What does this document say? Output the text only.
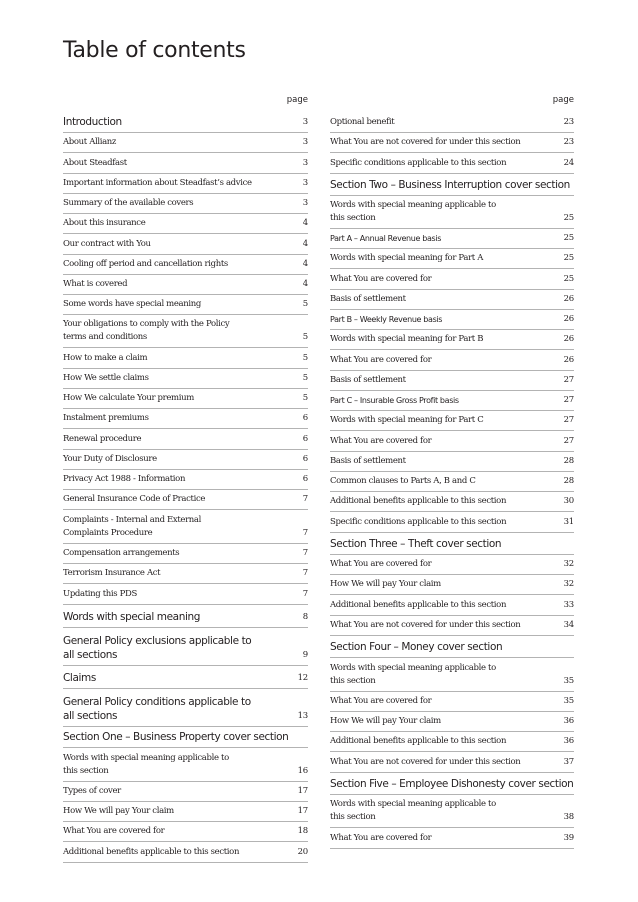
Table of contents
page
Introduction	3
About Allianz	3
About Steadfast	3
Important information about Steadfast’s advice	3
Summary of the available covers	3
About this insurance	4
Our contract with You	4
Cooling off period and cancellation rights	4
What is covered	4
Some words have special meaning	5
Your obligations to comply with the Policy
terms and conditions	5
How to make a claim	5
How We settle claims	5
How We calculate Your premium	5
Instalment premiums	6
Renewal procedure	6
Your Duty of Disclosure	6
Privacy Act 1988 - Information	6
General Insurance Code of Practice	7
Complaints - Internal and External
Complaints Procedure	7
Compensation arrangements	7
Terrorism Insurance Act	7
Updating this PDS	7
Words with special meaning	8
General Policy exclusions applicable to
all sections	9
Claims	12
General Policy conditions applicable to
all sections	13
Section One – Business Property cover section
Words with special meaning applicable to
this section	16
Types of cover	17
How We will pay Your claim	17
What You are covered for	18
Additional benefits applicable to this section	20
page
Optional benefit	23
What You are not covered for under this section	23
Specific conditions applicable to this section	24
Section Two – Business Interruption cover section
Words with special meaning applicable to
this section	25
Part A – Annual Revenue basis	25
Words with special meaning for Part A	25
What You are covered for	25
Basis of settlement	26
Part B – Weekly Revenue basis	26
Words with special meaning for Part B	26
What You are covered for	26
Basis of settlement	27
Part C – Insurable Gross Profit basis	27
Words with special meaning for Part C	27
What You are covered for	27
Basis of settlement	28
Common clauses to Parts A, B and C	28
Additional benefits applicable to this section	30
Specific conditions applicable to this section	31
Section Three – Theft cover section
What You are covered for	32
How We will pay Your claim	32
Additional benefits applicable to this section	33
What You are not covered for under this section	34
Section Four – Money cover section
Words with special meaning applicable to
this section	35
What You are covered for	35
How We will pay Your claim	36
Additional benefits applicable to this section	36
What You are not covered for under this section	37
Section Five – Employee Dishonesty cover section
Words with special meaning applicable to
this section	38
What You are covered for	39
